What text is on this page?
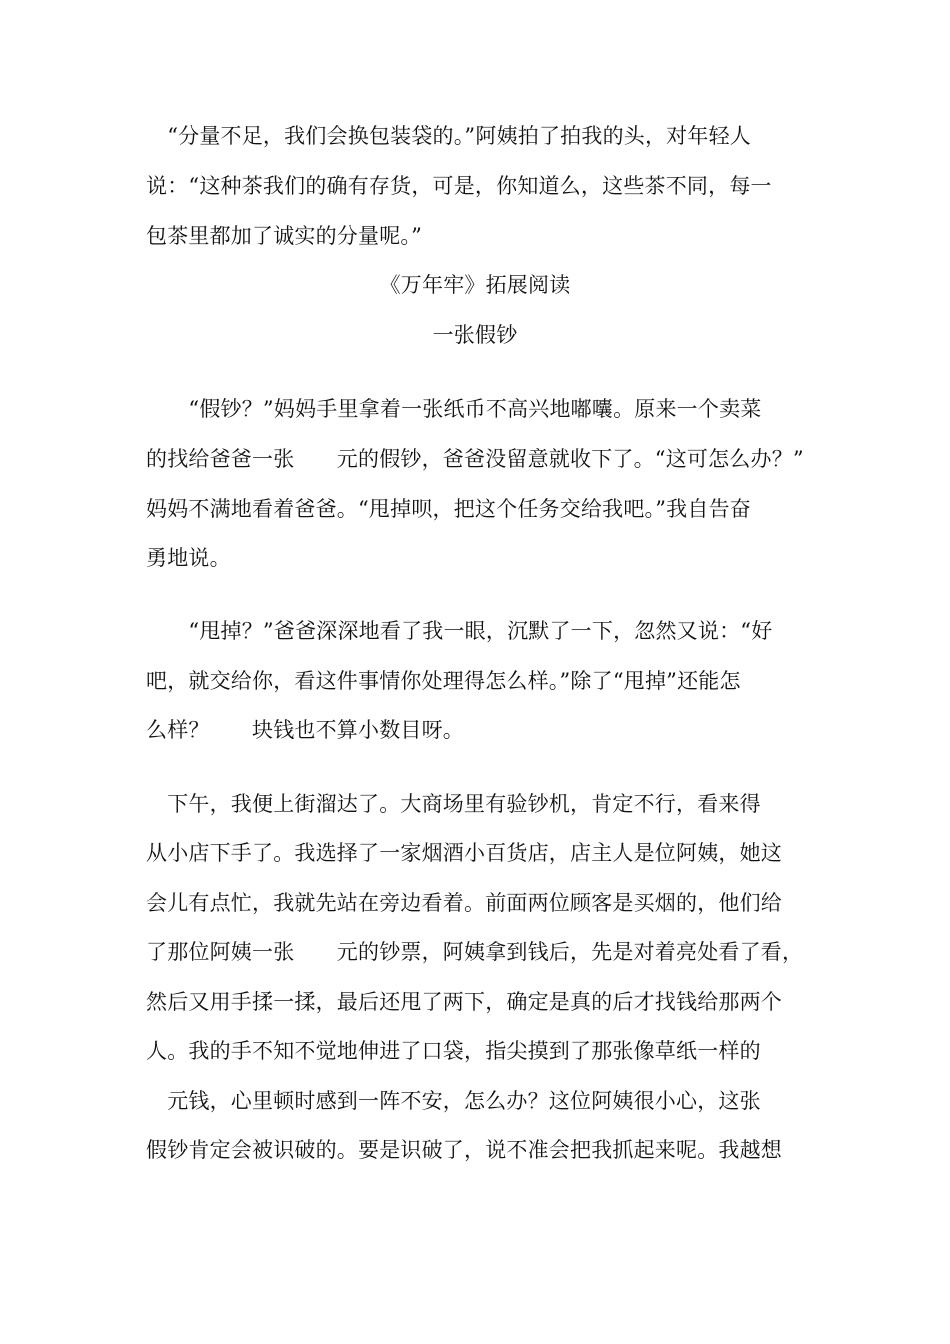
　“分量不足，我们会换包装袋的。”阿姨拍了拍我的头，对年轻人
说：“这种茶我们的确有存货，可是，你知道么，这些茶不同，每一
包茶里都加了诚实的分量呢。”
《万年牢》拓展阅读
一张假钞
　　“假钞？”妈妈手里拿着一张纸币不高兴地嘟囔。原来一个卖菜
的找给爸爸一张　　元的假钞，爸爸没留意就收下了。“这可怎么办？”
妈妈不满地看着爸爸。“甩掉呗，把这个任务交给我吧。”我自告奋
勇地说。
　　“甩掉？”爸爸深深地看了我一眼，沉默了一下，忽然又说：“好
吧，就交给你，看这件事情你处理得怎么样。”除了“甩掉”还能怎
么样？　　块钱也不算小数目呀。
　下午，我便上街溜达了。大商场里有验钞机，肯定不行，看来得
从小店下手了。我选择了一家烟酒小百货店，店主人是位阿姨，她这
会儿有点忙，我就先站在旁边看着。前面两位顾客是买烟的，他们给
了那位阿姨一张　　元的钞票，阿姨拿到钱后，先是对着亮处看了看，
然后又用手揉一揉，最后还甩了两下，确定是真的后才找钱给那两个
人。我的手不知不觉地伸进了口袋，指尖摸到了那张像草纸一样的
　元钱，心里顿时感到一阵不安，怎么办？这位阿姨很小心，这张
假钞肯定会被识破的。要是识破了，说不准会把我抓起来呢。我越想
